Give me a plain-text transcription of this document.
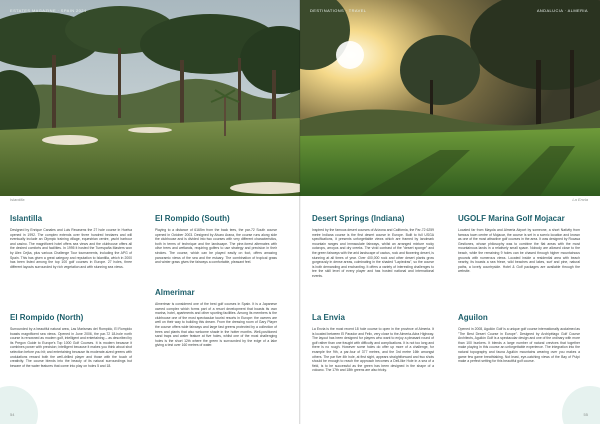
ESTATES MAGAZINE · SPAIN 2024
Islantilla
Islantilla

Designed by Enrique Canales and Luis Recasens the 27 hole course in Huelva opened in 1992. The complex extends over three hundred hectares and will eventually include an Olympic training village, equestrian centre, yacht harbour and casino. The magnificent hotel offers sea views and the clubhouse offers all the desired comforts and facilities. In 1995 it hosted the Turespaña Masters won by Alex Cejka, plus various Challenge Tour tournaments, including the APG of Spain. This has given a great category and reputation to Islantilla, which in 2000 has been listed among the top 100 golf courses in Europe. 27 holes, three different layouts surrounded by rich vegetation and with stunning sea views.

El Rompido (North)

Surrounded by a beautiful natural area, Las Marismas del Rompido, El Rompido boasts magnificent sea views. Opened in June 2006, the par-72 18-hole north course is renowned as modern golf, intelligent and entertaining – as described by its Pregon Guide to Europe's Top 1000 Golf Courses. It is modern because it combines power with precision; intelligent because it makes you think about shot selection before you hit; and entertaining because its moderate-sized greens with undulations reward both the well-drilled player and those with the touch of creativity. The course blends into the beauty of its natural surroundings but beware of the water features that come into play on holes 5 and 18.

El Rompido (South)

Playing to a distance of 6165m from the back tees, the par-72 South course opened in October 2003. Designed by Alvaro Arana, the course runs along side the clubhouse and is divided into two courses with very different characteristics, both in terms of technique and the landscape. The pine-forest alternates with olive trees and wetlands, requiring golfers to use strategy and precision in their strokes. The course, which can be played easily on foot, offers amazing panoramic views of the sea and the estuary. The combination of tropical grass and winter grass gives the fairways a comfortable, pleasant feel.

Almerimar

Almerimar is considered one of the best golf courses in Spain. It is a Japanese owned complex which forms part of a resort development that boasts its own marina, hotel, apartments and other sporting facilities. Among its members is the clubhouse one of the most spectacular tourist resorts in Europe: the owners are well on their way to building this dream. From the dressing room of Gary Player the course offers wide fairways and large fast greens protected by a collection of trees and plants that also welcome shade in the hotter months. Well-positioned sand traps and water feature at five holes, whilst one of the most challenging holes is the short 12th where the green is surrounded by the edge of a lake giving a test over 160 metres of water.

54
DESTINATIONS · TRAVEL	ANDALUCIA · ALMERIA
La Envia
Desert Springs (Indiana)

Inspired by the famous desert courses of Arizona and California, the Par-72 6259 metre Indiana course is the first desert course in Europe. Built to full USGA specifications, it presents unforgettable views which are framed by landmark mountain ranges and immaculate fairways, whilst an arranged mixture rocky outcrops, arroyos and dry creeks. The vivid contrast of the "desert sponge" and the green fairways with the arid landscape of cactus, rock and flowering desert, is stunning at all times of year. Over 400,000 rock and other desert plants grow gorgeously in dense areas, culminating in the shaded "Lapiedras", so the course is both demanding and enchanting. It offers a variety of interesting challenges to tee the skill level of every player and has hosted national and international events.

La Envia

La Envia is the most recent 18 hole course to open in the province of Almeria. It is located between El Parador and Felix, very close to the Almeria-Adra Highway. The layout has been designed for players who want to enjoy a pleasant round of golf rather than one fraught with difficulty and complications. It is not too long and there is no rough. However some holes do offer up more of a challenge, for example the 9th, a par-four of 377 metres, and the 3rd metre 16th amongst others. The par five 4th hole, at first sight, appears straightforward and two shots should be enough to reach the approach becomes a Dell-like Hole in a sea of a field, is to be successful as the green has been designed in the shape of a volcano. The 17th and 18th greens are also tricky.

UGOLF Marina Golf Mojacar

Located far from Mayola and Almeria Airport by someone, a short Nativity from famous town centre of Mojacar, the course is set in a scenic location and known as one of the most attractive golf courses in the area. It was designed by Rocasa Gestiones, whose philosophy was to combine the flat areas with the most mountainous lands in a relatively small space. Nobody are allowed close to the beach, while the remaining 9 holes can be chased through higher mountainous grounds with numerous views. Located inside a residential area with beach nearby, its boasts a sea frieze, wild beaches and lakes, surf and pine, natural paths, a lovely countryside. Hotel & Golf packages are available through the website.

Aguilon

Opened in 2008, Aguilón Golf is a unique golf course internationally acclaimed as "The Best Desert Course in Europe". Designed by Archipélago Golf Course Architects, Aguilón Golf is a spectacular design and one of the ordinary with more than 100 bunkers. It blends a large number of natural crevices that together make playing in this course an unforgettable experience. The integration into the natural topography and fauna Aguilón mountains wearing over you makes a game few game breathtaking. Not least, eye-catching views of the Bay of Pulpí make a perfect setting for this beautiful golf course.

55
